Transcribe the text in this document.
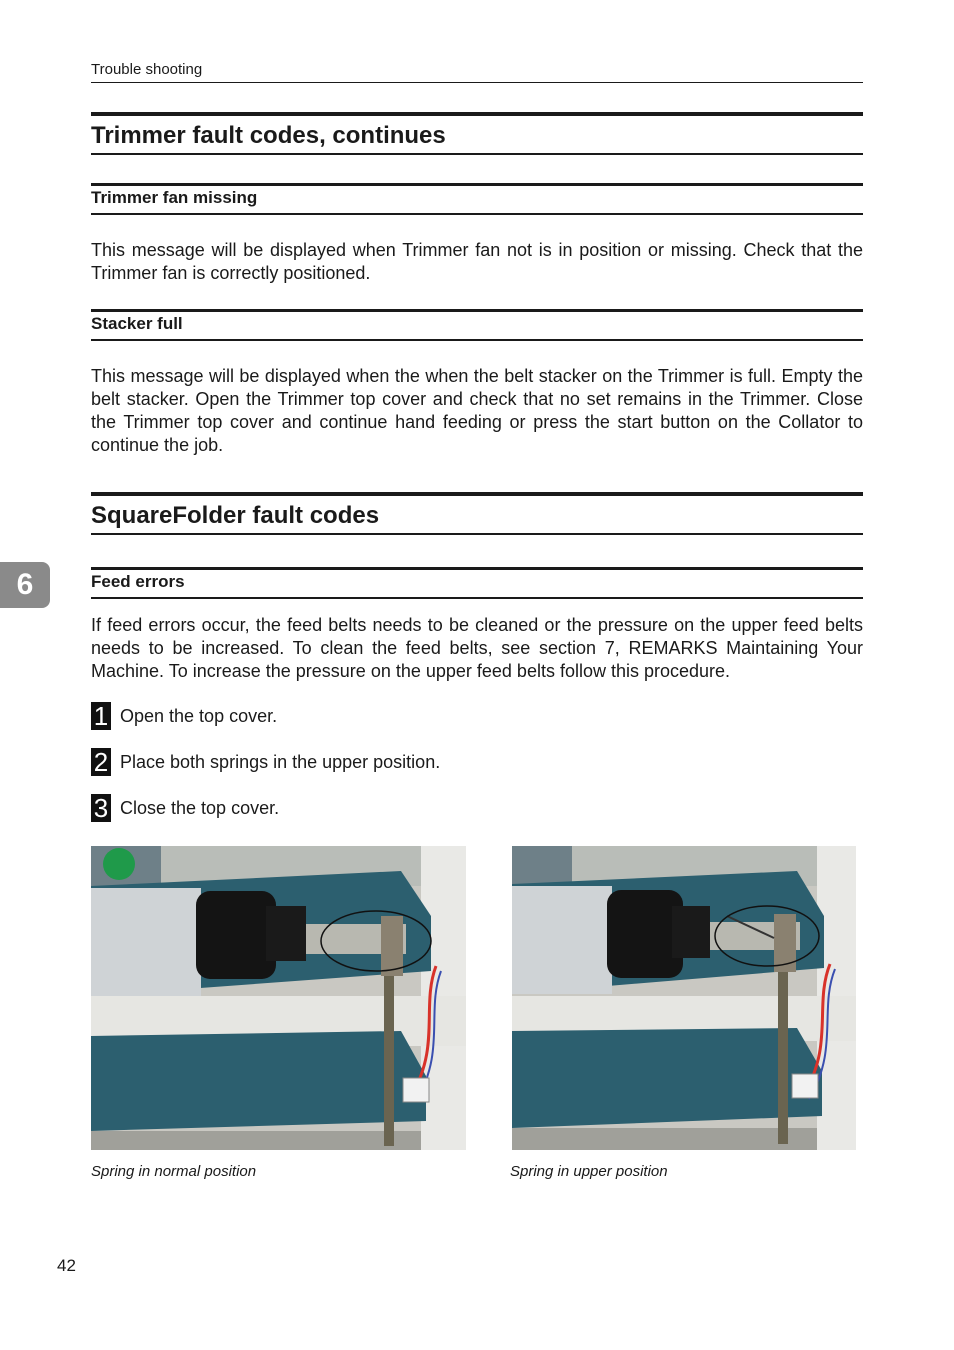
Trouble shooting
Trimmer fault codes, continues
Trimmer fan missing

This message will be displayed when Trimmer fan not is in position or missing. Check that the Trimmer fan is correctly positioned.

Stacker full

This message will be displayed when the when the belt stacker on the Trimmer is full. Empty the belt stacker. Open the Trimmer top cover and check that no set remains in the Trimmer. Close the Trimmer top cover and continue hand feeding or press the start button on the Collator to continue the job.

SquareFolder fault codes
6	Feed errors

If feed errors occur, the feed belts needs to be cleaned or the pressure on the upper feed belts needs to be increased. To clean the feed belts, see section 7, REMARKS Maintaining Your Machine. To increase the pressure on the upper feed belts follow this procedure.

1 Open the top cover.
2 Place both springs in the upper position.
3 Close the top cover.
Spring in normal position	Spring in upper position
42
